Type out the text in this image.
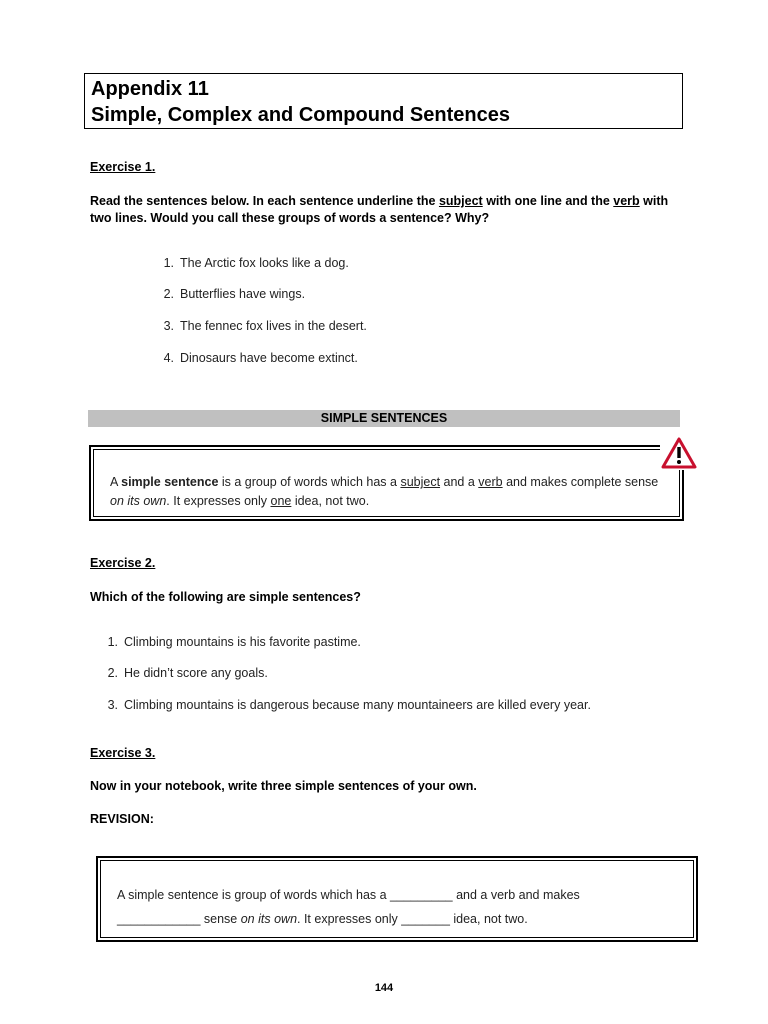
Appendix 11
Simple, Complex and Compound Sentences
Exercise 1.
Read the sentences below. In each sentence underline the subject with one line and the verb with two lines. Would you call these groups of words a sentence? Why?
1. The Arctic fox looks like a dog.
2. Butterflies have wings.
3. The fennec fox lives in the desert.
4. Dinosaurs have become extinct.
SIMPLE SENTENCES
A simple sentence is a group of words which has a subject and a verb and makes complete sense on its own. It expresses only one idea, not two.
Exercise 2.
Which of the following are simple sentences?
1. Climbing mountains is his favorite pastime.
2. He didn’t score any goals.
3. Climbing mountains is dangerous because many mountaineers are killed every year.
Exercise 3.
Now in your notebook, write three simple sentences of your own.
REVISION:
A simple sentence is group of words which has a _________ and a verb and makes
____________ sense on its own. It expresses only _______ idea, not two.
144
